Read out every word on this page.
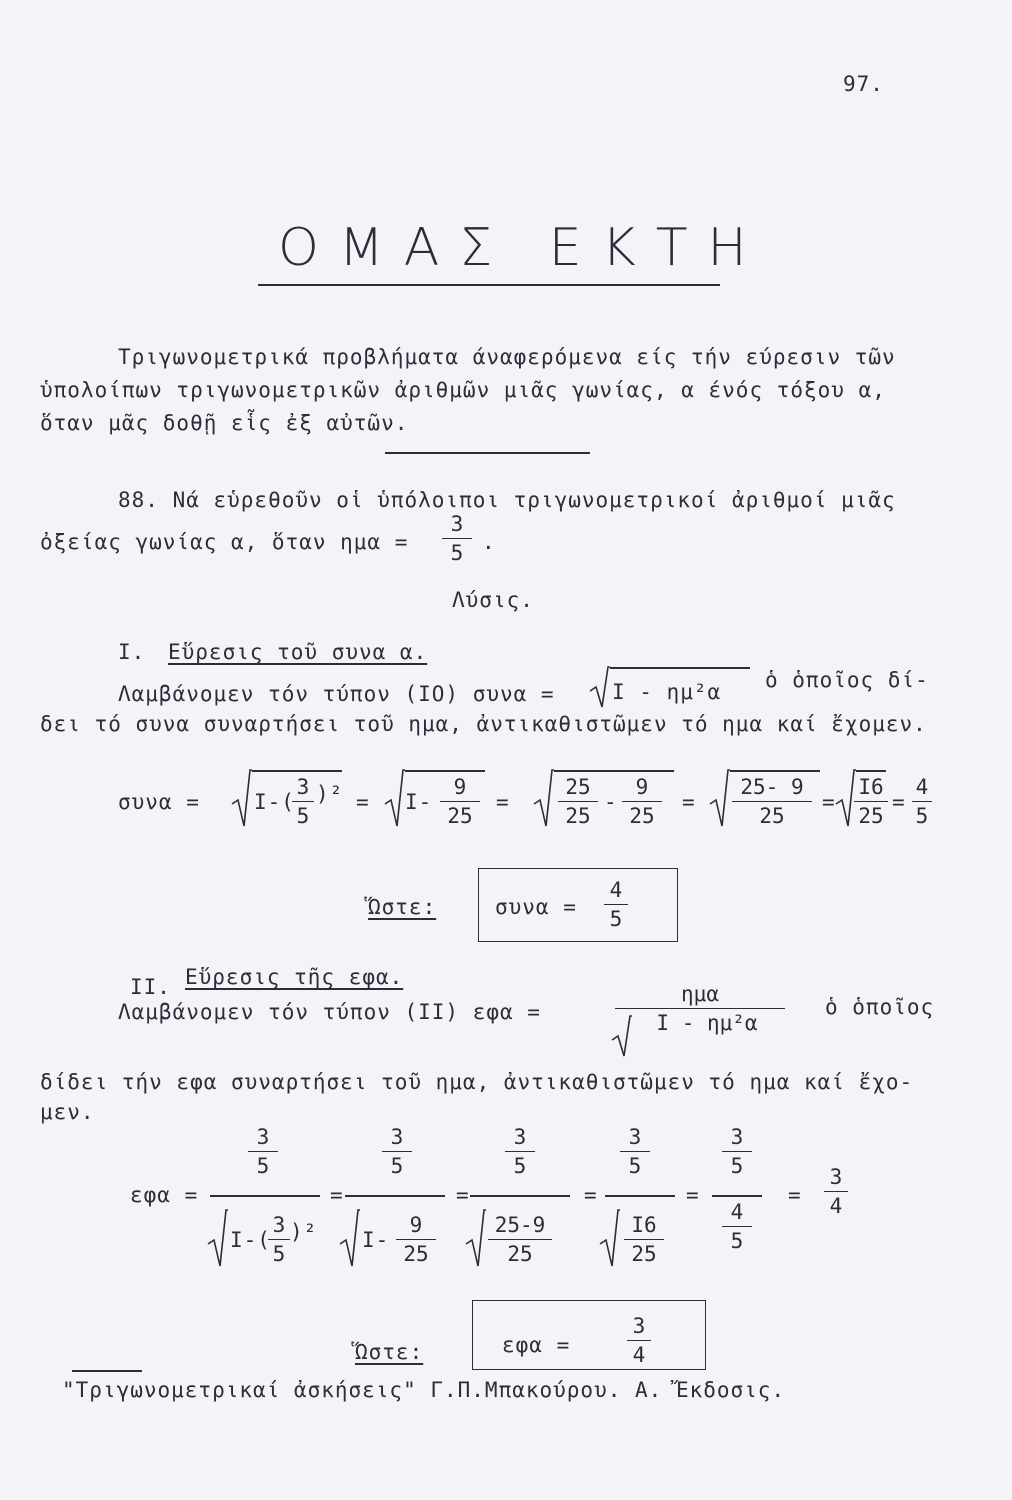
97.
ΟΜΑΣ ΕΚΤΗ
Τριγωνομετρικά προβλήματα άναφερόμενα είς τήν εύρεσιν τῶν
ὑπολοίπων τριγωνομετρικῶν ἀριθμῶν μιᾶς γωνίας, α ένός τόξου α,
ὅταν μᾶς δοθῇ εἷς ἐξ αὐτῶν.
88. Νά εὑρεθοῦν οἱ ὑπόλοιποι τριγωνομετρικοί ἀριθμοί μιᾶς
ὀξείας γωνίας α, ὅταν ημα =
3
5 .
Λύσις.
Ι. Εὕρεσις τοῦ συνα α.
Λαμβάνομεν τόν τύπον (ΙΟ) συνα =	Ι - ημ²α ὁ ὁποῖος δί-
δει τό συνα συναρτήσει τοῦ ημα, ἀντικαθιστῶμεν τό ημα καί ἔχομεν.
συνα =	Ι-(
3
5
)² = Ι-
9
25
=
25
25
-
9
25
=
25- 9
25
=
Ι6
25
=
4
5
Ὥστε:	συνα =
4
5
ΙΙ. Εὕρεσις τῆς εφα.
Λαμβάνομεν τόν τύπον (ΙΙ) εφα =
ημα
Ι - ημ²α
ὁ ὁποῖος
δίδει τήν εφα συναρτήσει τοῦ ημα, ἀντικαθιστῶμεν τό ημα καί ἔχο-
μεν.
εφα =
3
5
Ι-(
3
5
)²
=
3
5
Ι-
9
25
=
3
5
25-9
25
=
3
5
Ι6
25
=
3
5
4
5
=
3
4
Ὥστε:	εφα =
3
4
"Τριγωνομετρικαί ἀσκήσεις" Γ.Π.Μπακούρου. Α. Ἔκδοσις.
